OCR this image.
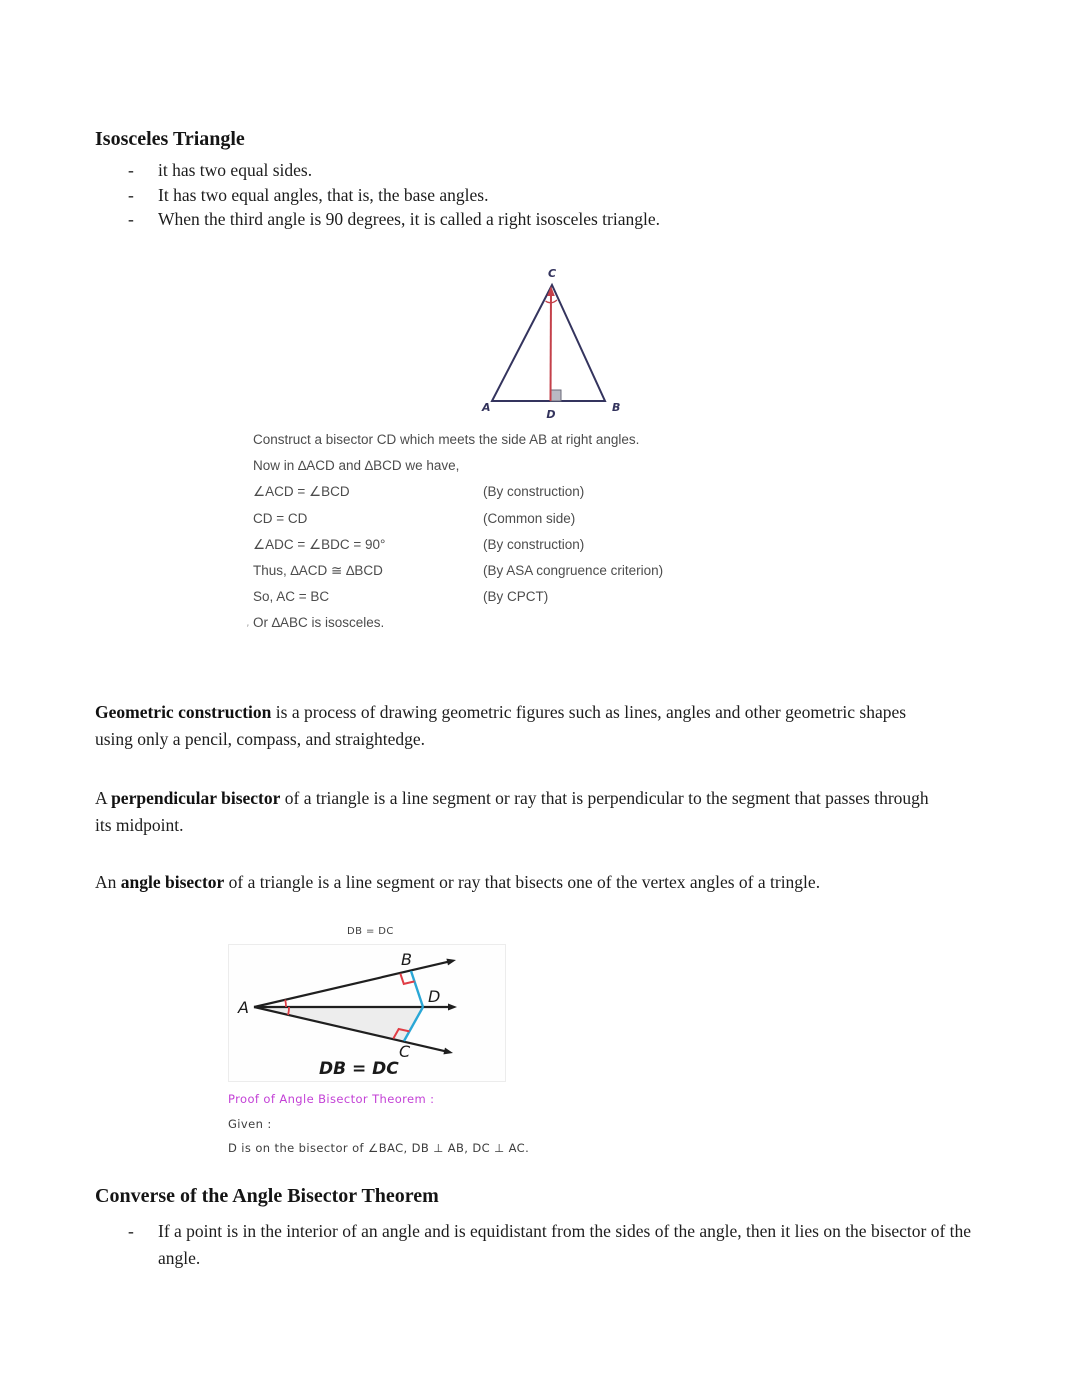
Isosceles Triangle
-	it has two equal sides.
-	It has two equal angles, that is, the base angles.
-	When the third angle is 90 degrees, it is called a right isosceles triangle.
C
A	B
D
Construct a bisector CD which meets the side AB at right angles.
Now in ∆ACD and ∆BCD we have,
∠ACD = ∠BCD	(By construction)
CD = CD	(Common side)
∠ADC = ∠BDC = 90°	(By construction)
Thus, ∆ACD ≅ ∆BCD	(By ASA congruence criterion)
So, AC = BC	(By CPCT)
Or ∆ABC is isosceles.
ʼ
Geometric construction is a process of drawing geometric figures such as lines, angles and other geometric shapes using only a pencil, compass, and straightedge.
A perpendicular bisector of a triangle is a line segment or ray that is perpendicular to the segment that passes through its midpoint.
An angle bisector of a triangle is a line segment or ray that bisects one of the vertex angles of a tringle.
DB = DC
A
B
D
C
DB = DC
Proof of Angle Bisector Theorem :
Given :
D is on the bisector of ∠BAC, DB ⊥ AB, DC ⊥ AC.
Converse of the Angle Bisector Theorem
-	If a point is in the interior of an angle and is equidistant from the sides of the angle, then it lies on the bisector of the angle.
